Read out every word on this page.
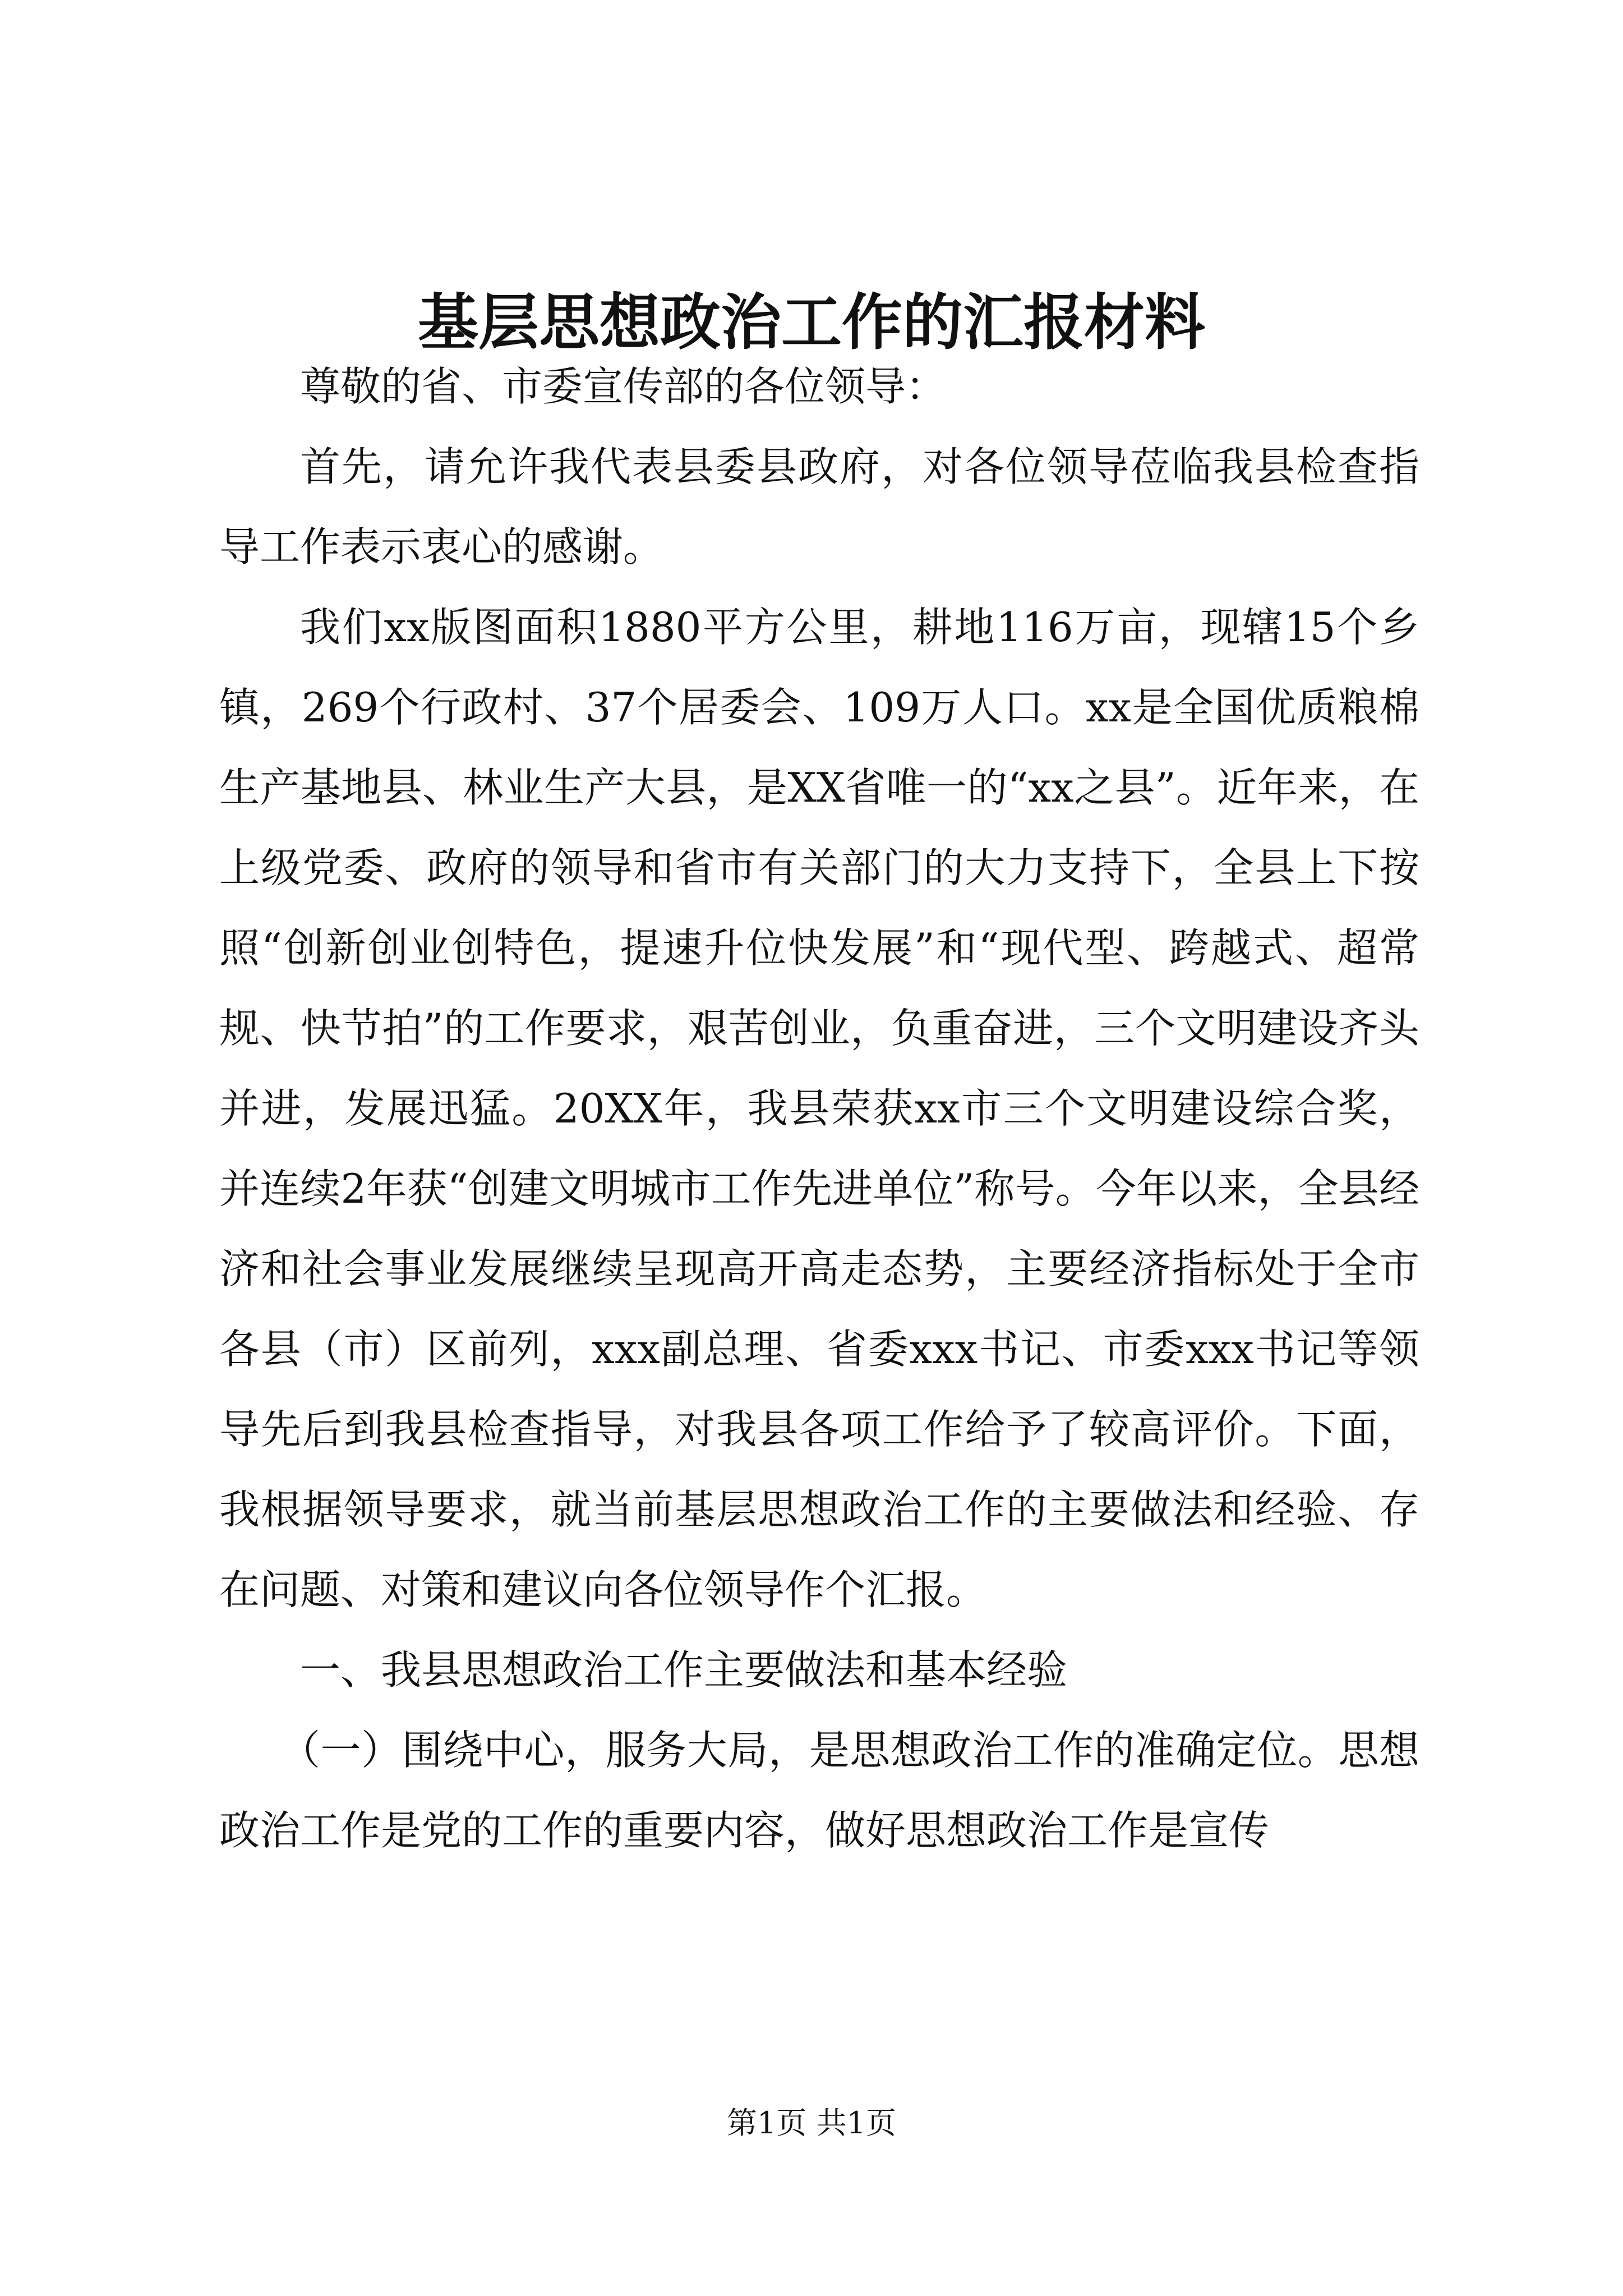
基层思想政治工作的汇报材料

尊敬的省、市委宣传部的各位领导：

首先，请允许我代表县委县政府，对各位领导莅临我县检查指导工作表示衷心的感谢。

我们xx版图面积1880平方公里，耕地116万亩，现辖15个乡镇，269个行政村、37个居委会、109万人口。xx是全国优质粮棉生产基地县、林业生产大县，是XX省唯一的“xx之县”。近年来，在上级党委、政府的领导和省市有关部门的大力支持下，全县上下按照“创新创业创特色，提速升位快发展”和“现代型、跨越式、超常规、快节拍”的工作要求，艰苦创业，负重奋进，三个文明建设齐头并进，发展迅猛。20XX年，我县荣获xx市三个文明建设综合奖，并连续2年获“创建文明城市工作先进单位”称号。今年以来，全县经济和社会事业发展继续呈现高开高走态势，主要经济指标处于全市各县（市）区前列，xxx副总理、省委xxx书记、市委xxx书记等领导先后到我县检查指导，对我县各项工作给予了较高评价。下面，我根据领导要求，就当前基层思想政治工作的主要做法和经验、存在问题、对策和建议向各位领导作个汇报。

一、我县思想政治工作主要做法和基本经验

（一）围绕中心，服务大局，是思想政治工作的准确定位。思想政治工作是党的工作的重要内容，做好思想政治工作是宣传

第1页 共1页
